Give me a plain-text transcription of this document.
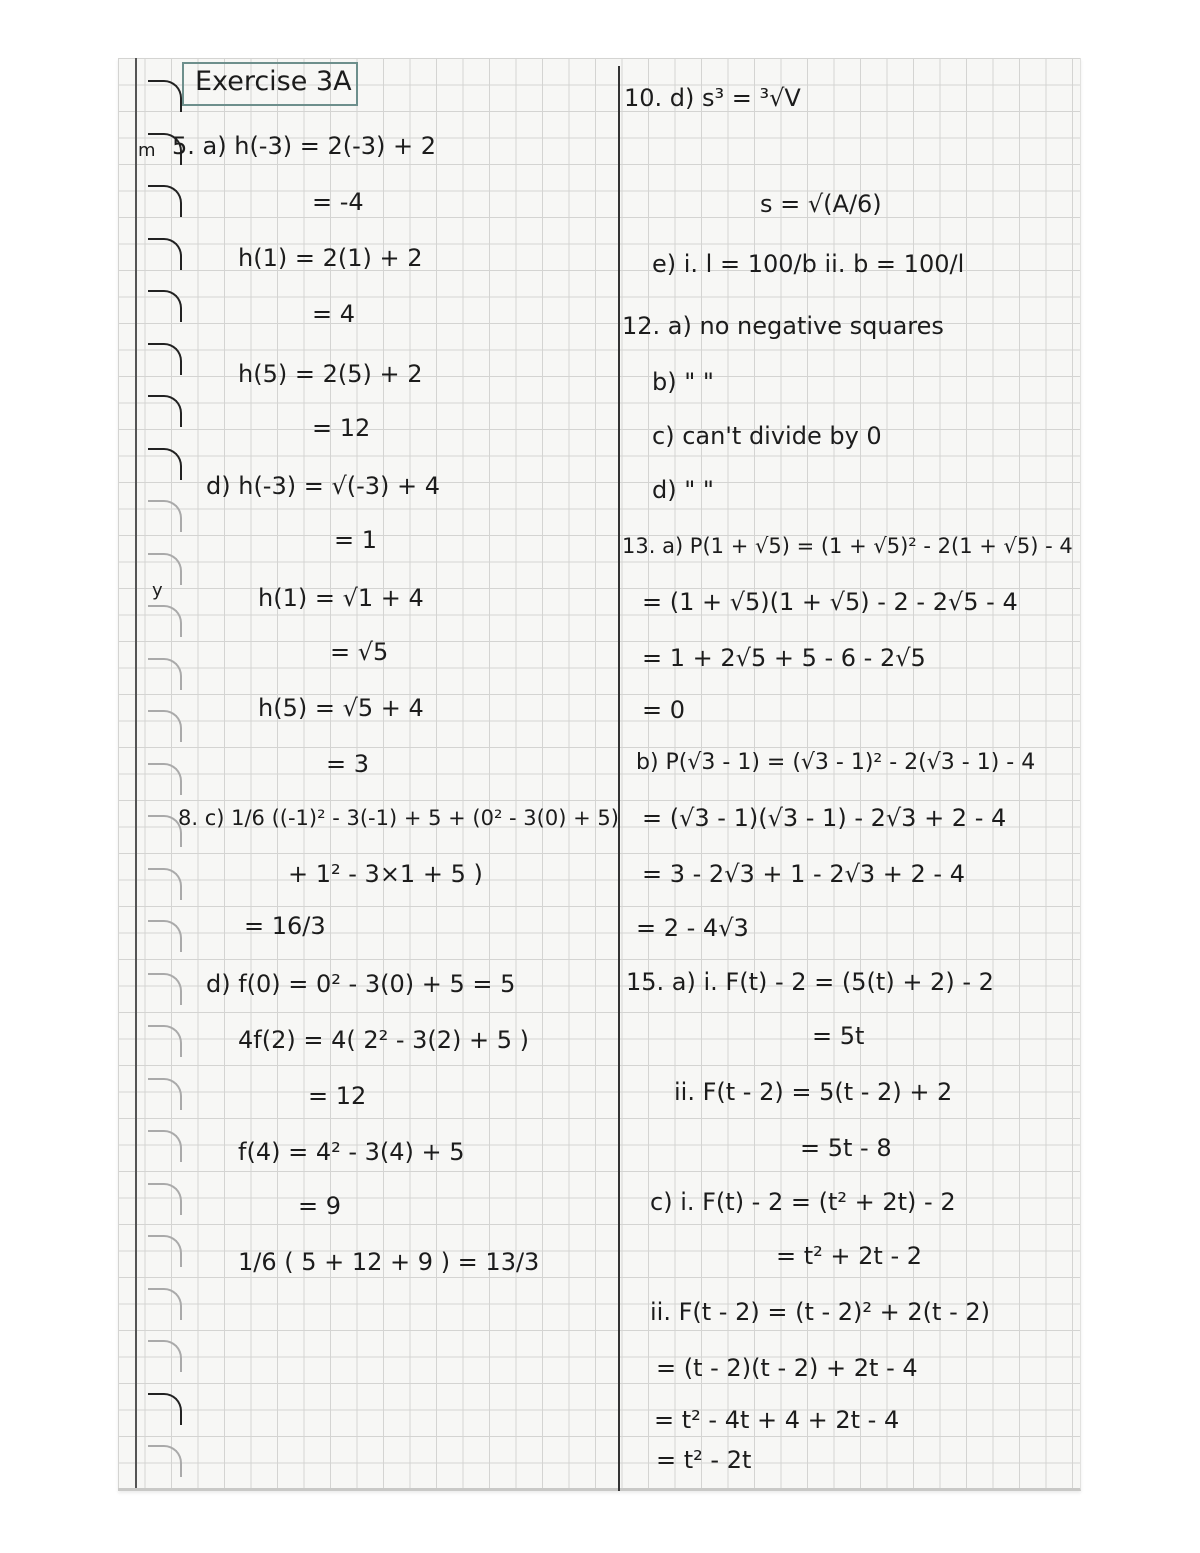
m
y
Exercise 3A
5. a) h(-3) = 2(-3) + 2
= -4
h(1) = 2(1) + 2
= 4
h(5) = 2(5) + 2
= 12
d) h(-3) = √(-3) + 4
= 1
h(1) = √1 + 4
= √5
h(5) = √5 + 4
= 3
8. c) 1/6 ((-1)² - 3(-1) + 5 + (0² - 3(0) + 5)
+ 1² - 3×1 + 5 )
= 16/3
d) f(0) = 0² - 3(0) + 5 = 5
4f(2) = 4( 2² - 3(2) + 5 )
= 12
f(4) = 4² - 3(4) + 5
= 9
1/6 ( 5 + 12 + 9 ) = 13/3
10. d) s³ = ³√V
s = √(A/6)
e) i. l = 100/b ii. b = 100/l
12. a) no negative squares
b) " "
c) can't divide by 0
d) " "
13. a) P(1 + √5) = (1 + √5)² - 2(1 + √5) - 4
= (1 + √5)(1 + √5) - 2 - 2√5 - 4
= 1 + 2√5 + 5 - 6 - 2√5
= 0
b) P(√3 - 1) = (√3 - 1)² - 2(√3 - 1) - 4
= (√3 - 1)(√3 - 1) - 2√3 + 2 - 4
= 3 - 2√3 + 1 - 2√3 + 2 - 4
= 2 - 4√3
15. a) i. F(t) - 2 = (5(t) + 2) - 2
= 5t
ii. F(t - 2) = 5(t - 2) + 2
= 5t - 8
c) i. F(t) - 2 = (t² + 2t) - 2
= t² + 2t - 2
ii. F(t - 2) = (t - 2)² + 2(t - 2)
= (t - 2)(t - 2) + 2t - 4
= t² - 4t + 4 + 2t - 4
= t² - 2t
